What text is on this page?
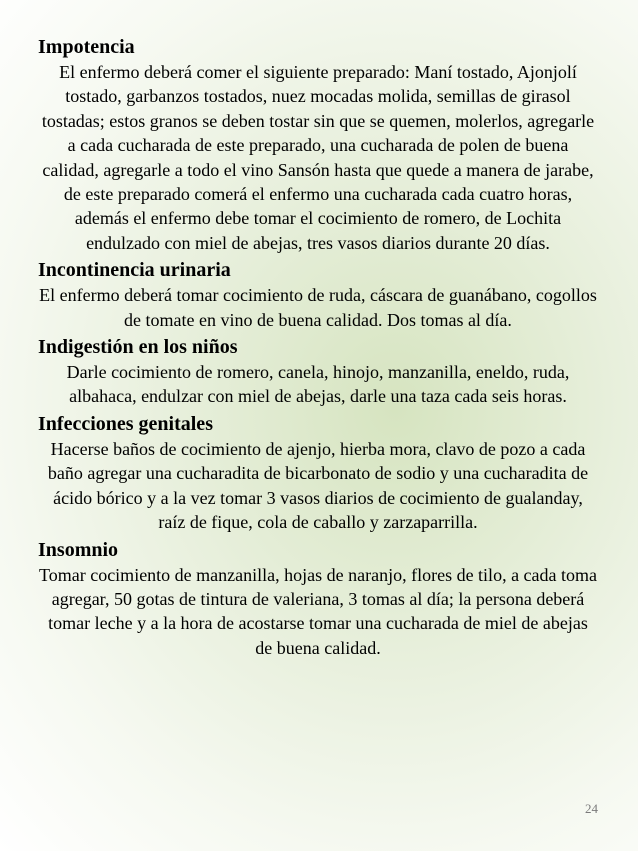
Impotencia

El enfermo deberá comer el siguiente preparado: Maní tostado, Ajonjolí tostado, garbanzos tostados, nuez mocadas molida, semillas de girasol tostadas; estos granos se deben tostar sin que se quemen, molerlos, agregarle a cada cucharada de este preparado, una cucharada de polen de buena calidad, agregarle a todo el vino Sansón hasta que quede a manera de jarabe, de este preparado comerá el enfermo una cucharada cada cuatro horas, además el enfermo debe tomar el cocimiento de romero, de Lochita endulzado con miel de abejas, tres vasos diarios durante 20 días.

Incontinencia urinaria

El enfermo deberá tomar cocimiento de ruda, cáscara de guanábano, cogollos de tomate en vino de buena calidad. Dos tomas al día.

Indigestión en los niños

Darle cocimiento de romero, canela, hinojo, manzanilla, eneldo, ruda, albahaca, endulzar con miel de abejas, darle una taza cada seis horas.

Infecciones genitales

Hacerse baños de cocimiento de ajenjo, hierba mora, clavo de pozo a cada baño agregar una cucharadita de bicarbonato de sodio y una cucharadita de ácido bórico y a la vez tomar 3 vasos diarios de cocimiento de gualanday, raíz de fique, cola de caballo y zarzaparrilla.

Insomnio

Tomar cocimiento de manzanilla, hojas de naranjo, flores de tilo, a cada toma agregar, 50 gotas de tintura de valeriana, 3 tomas al día; la persona deberá tomar leche y a la hora de acostarse tomar una cucharada de miel de abejas de buena calidad.

24
